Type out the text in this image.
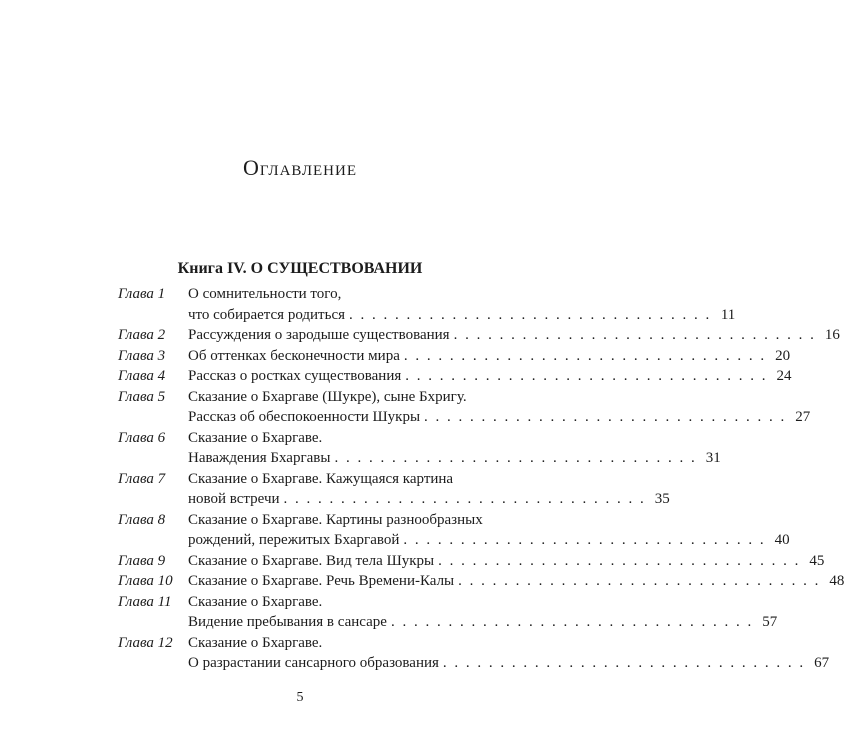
Оглавление
Книга IV. О СУЩЕСТВОВАНИИ
Глава 1	О сомнительности того,
что собирается родиться . . . . . . . . . . . . . . . . . . . . . . . . . . . . . . . . 11
Глава 2	Рассуждения о зародыше существования . . . . . . . . . . . . . . . . . . . . . . . . . . . . . . . . 16
Глава 3	Об оттенках бесконечности мира . . . . . . . . . . . . . . . . . . . . . . . . . . . . . . . . 20
Глава 4	Рассказ о ростках существования . . . . . . . . . . . . . . . . . . . . . . . . . . . . . . . . 24
Глава 5	Сказание о Бхаргаве (Шукре), сыне Бхригу.
Рассказ об обеспокоенности Шукры . . . . . . . . . . . . . . . . . . . . . . . . . . . . . . . . 27
Глава 6	Сказание о Бхаргаве.
Наваждения Бхаргавы . . . . . . . . . . . . . . . . . . . . . . . . . . . . . . . . 31
Глава 7	Сказание о Бхаргаве. Кажущаяся картина
новой встречи . . . . . . . . . . . . . . . . . . . . . . . . . . . . . . . . 35
Глава 8	Сказание о Бхаргаве. Картины разнообразных
рождений, пережитых Бхаргавой . . . . . . . . . . . . . . . . . . . . . . . . . . . . . . . . 40
Глава 9	Сказание о Бхаргаве. Вид тела Шукры . . . . . . . . . . . . . . . . . . . . . . . . . . . . . . . . 45
Глава 10	Сказание о Бхаргаве. Речь Времени-Калы . . . . . . . . . . . . . . . . . . . . . . . . . . . . . . . . 48
Глава 11	Сказание о Бхаргаве.
Видение пребывания в сансаре . . . . . . . . . . . . . . . . . . . . . . . . . . . . . . . . 57
Глава 12	Сказание о Бхаргаве.
О разрастании сансарного образования . . . . . . . . . . . . . . . . . . . . . . . . . . . . . . . . 67
5
